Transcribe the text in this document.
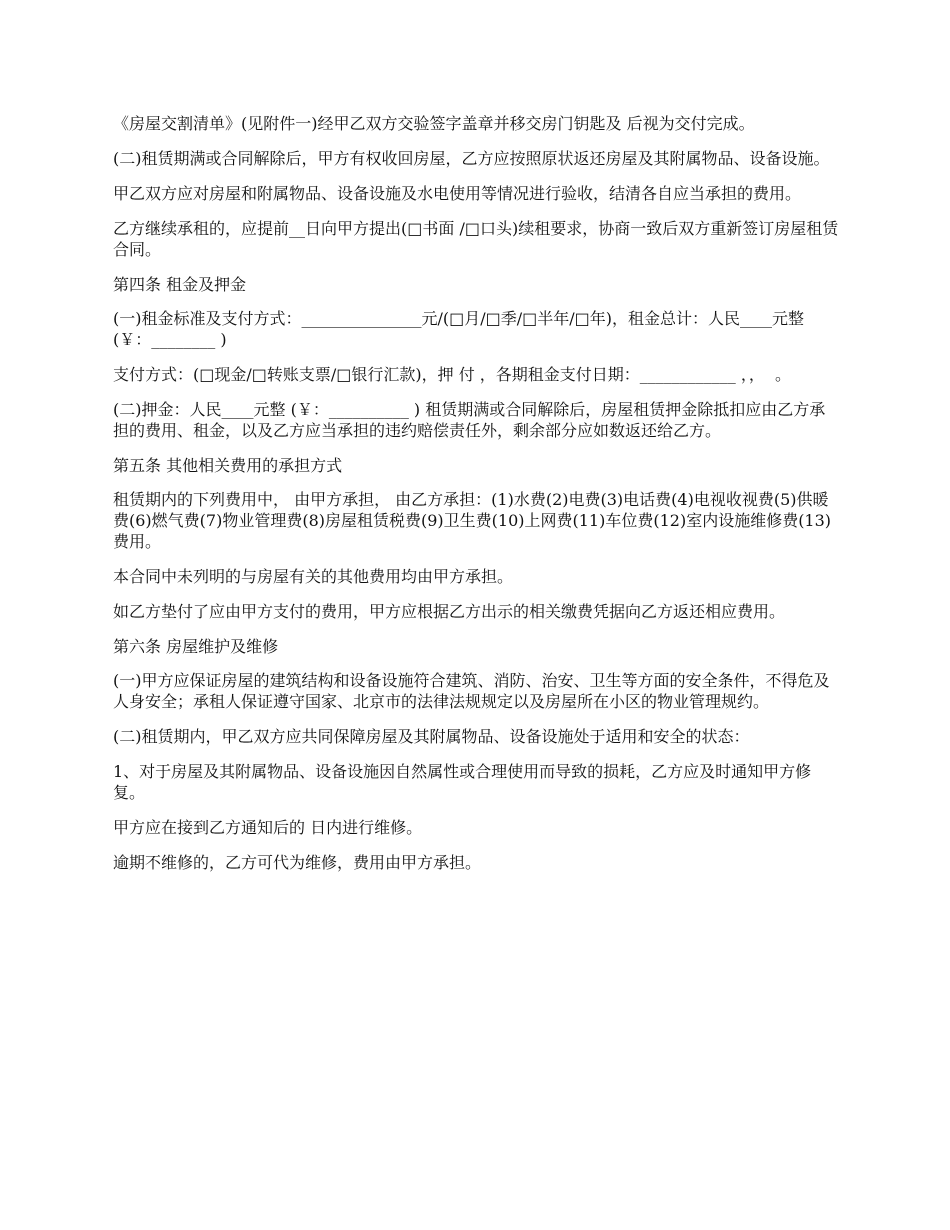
《房屋交割清单》(见附件一)经甲乙双方交验签字盖章并移交房门钥匙及 后视为交付完成。

(二)租赁期满或合同解除后，甲方有权收回房屋，乙方应按照原状返还房屋及其附属物品、设备设施。

甲乙双方应对房屋和附属物品、设备设施及水电使用等情况进行验收，结清各自应当承担的费用。

乙方继续承租的，应提前__日向甲方提出(□书面 /□口头)续租要求，协商一致后双方重新签订房屋租赁合同。

第四条 租金及押金

(一)租金标准及支付方式：_______________元/(□月/□季/□半年/□年)，租金总计：人民____元整(￥：________ )

支付方式：(□现金/□转账支票/□银行汇款)，押 付 ，各期租金支付日期：____________ ，，  。

(二)押金：人民____元整 (￥：__________ ) 租赁期满或合同解除后，房屋租赁押金除抵扣应由乙方承担的费用、租金，以及乙方应当承担的违约赔偿责任外，剩余部分应如数返还给乙方。

第五条 其他相关费用的承担方式

租赁期内的下列费用中， 由甲方承担， 由乙方承担：(1)水费(2)电费(3)电话费(4)电视收视费(5)供暖费(6)燃气费(7)物业管理费(8)房屋租赁税费(9)卫生费(10)上网费(11)车位费(12)室内设施维修费(13) 费用。

本合同中未列明的与房屋有关的其他费用均由甲方承担。

如乙方垫付了应由甲方支付的费用，甲方应根据乙方出示的相关缴费凭据向乙方返还相应费用。

第六条 房屋维护及维修

(一)甲方应保证房屋的建筑结构和设备设施符合建筑、消防、治安、卫生等方面的安全条件，不得危及人身安全；承租人保证遵守国家、北京市的法律法规规定以及房屋所在小区的物业管理规约。

(二)租赁期内，甲乙双方应共同保障房屋及其附属物品、设备设施处于适用和安全的状态：

1、对于房屋及其附属物品、设备设施因自然属性或合理使用而导致的损耗，乙方应及时通知甲方修复。

甲方应在接到乙方通知后的 日内进行维修。

逾期不维修的，乙方可代为维修，费用由甲方承担。
